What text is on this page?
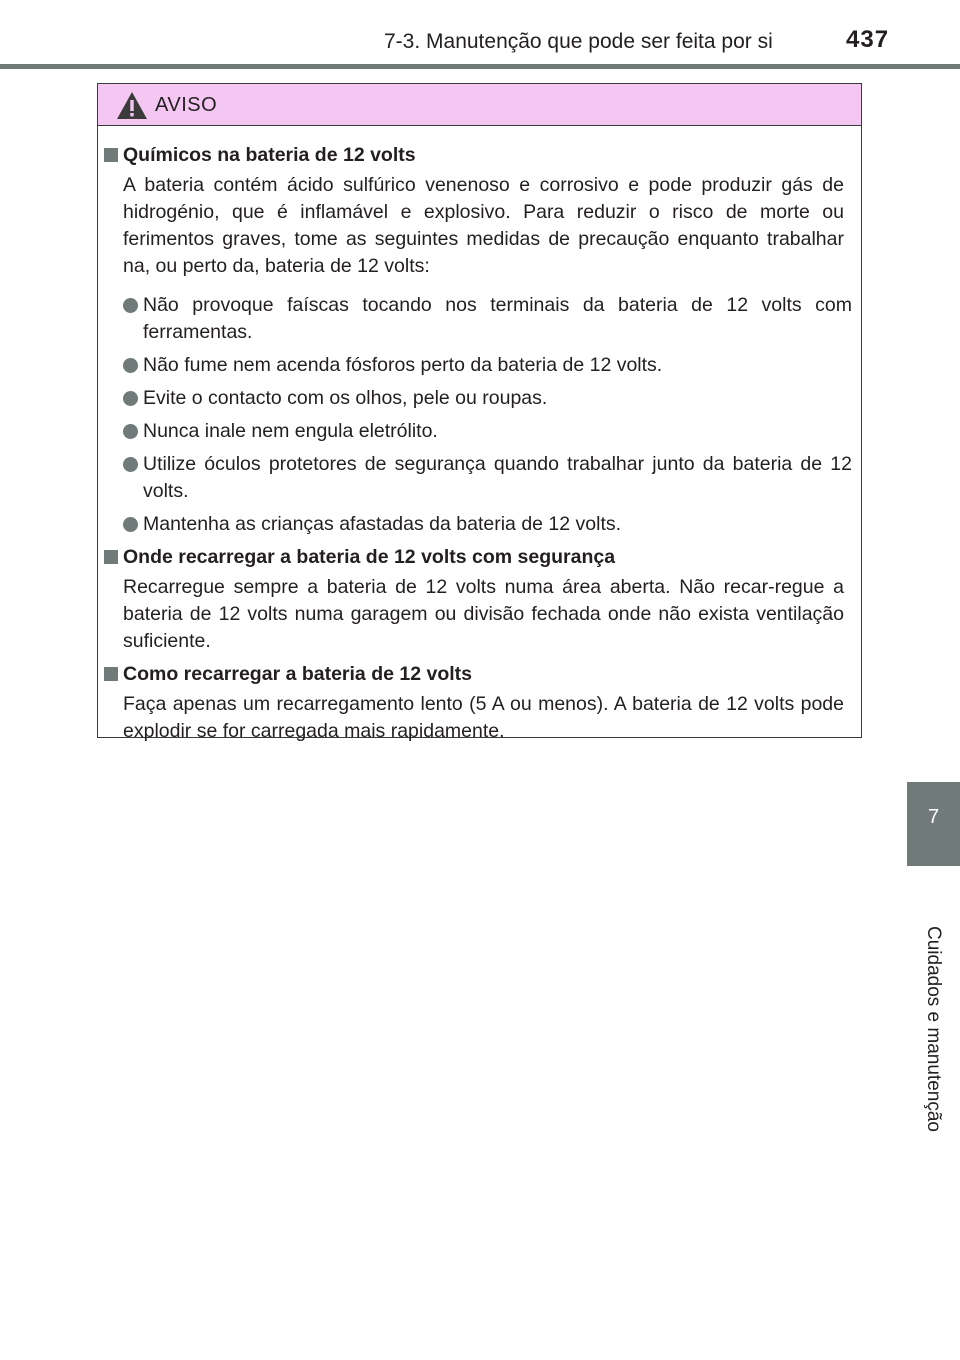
7-3. Manutenção que pode ser feita por si	437
7
Cuidados e manutenção
AVISO
Químicos na bateria de 12 volts
A bateria contém ácido sulfúrico venenoso e corrosivo e pode produzir gás de hidrogénio, que é inflamável e explosivo. Para reduzir o risco de morte ou ferimentos graves, tome as seguintes medidas de precaução enquanto trabalhar na, ou perto da, bateria de 12 volts:
Não provoque faíscas tocando nos terminais da bateria de 12 volts com ferramentas.
Não fume nem acenda fósforos perto da bateria de 12 volts.
Evite o contacto com os olhos, pele ou roupas.
Nunca inale nem engula eletrólito.
Utilize óculos protetores de segurança quando trabalhar junto da bateria de 12 volts.
Mantenha as crianças afastadas da bateria de 12 volts.
Onde recarregar a bateria de 12 volts com segurança
Recarregue sempre a bateria de 12 volts numa área aberta. Não recar-regue a bateria de 12 volts numa garagem ou divisão fechada onde não exista ventilação suficiente.
Como recarregar a bateria de 12 volts
Faça apenas um recarregamento lento (5 A ou menos). A bateria de 12 volts pode explodir se for carregada mais rapidamente.
